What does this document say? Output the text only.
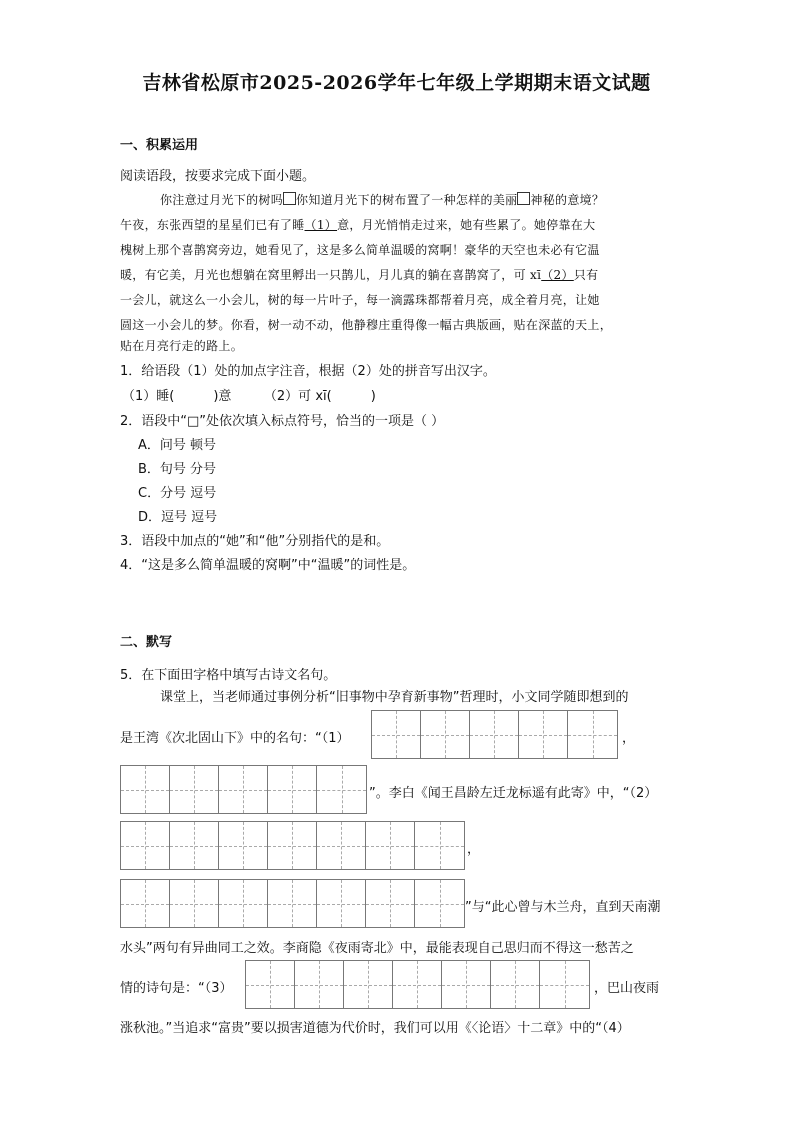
吉林省松原市2025-2026学年七年级上学期期末语文试题
一、积累运用
阅读语段，按要求完成下面小题。
你注意过月光下的树吗 你知道月光下的树布置了一种怎样的美丽 神秘的意境？
午夜，东张西望的星星们已有了睡（1）意，月光悄悄走过来，她有些累了。她停靠在大
槐树上那个喜鹊窝旁边，她看见了，这是多么简单温暖的窝啊！豪华的天空也未必有它温
暖，有它美，月光也想躺在窝里孵出一只鹊儿，月儿真的躺在喜鹊窝了，可 xī（2）只有
一会儿，就这么一小会儿，树的每一片叶子，每一滴露珠都帮着月亮，成全着月亮，让她
圆这一小会儿的梦。你看，树一动不动，他静穆庄重得像一幅古典版画，贴在深蓝的天上，
贴在月亮行走的路上。
1．给语段（1）处的加点字注音，根据（2）处的拼音写出汉字。
（1）睡(　　　)意　　　（2）可 xī(　　　)
2．语段中“□”处依次填入标点符号，恰当的一项是（ ）
A．问号 顿号
B．句号 分号
C．分号 逗号
D．逗号 逗号
3．语段中加点的“她”和“他”分别指代的是和。
4．“这是多么简单温暖的窝啊”中“温暖”的词性是。
二、默写
5．在下面田字格中填写古诗文名句。
课堂上，当老师通过事例分析“旧事物中孕育新事物”哲理时，小文同学随即想到的
是王湾《次北固山下》中的名句：“（1）	，
”。李白《闻王昌龄左迁龙标遥有此寄》中，“（2）
，
”与“此心曾与木兰舟，直到天南潮
水头”两句有异曲同工之效。李商隐《夜雨寄北》中，最能表现自己思归而不得这一愁苦之
情的诗句是：“（3）	，巴山夜雨
涨秋池。”当追求“富贵”要以损害道德为代价时，我们可以用《〈论语〉十二章》中的“（4）
